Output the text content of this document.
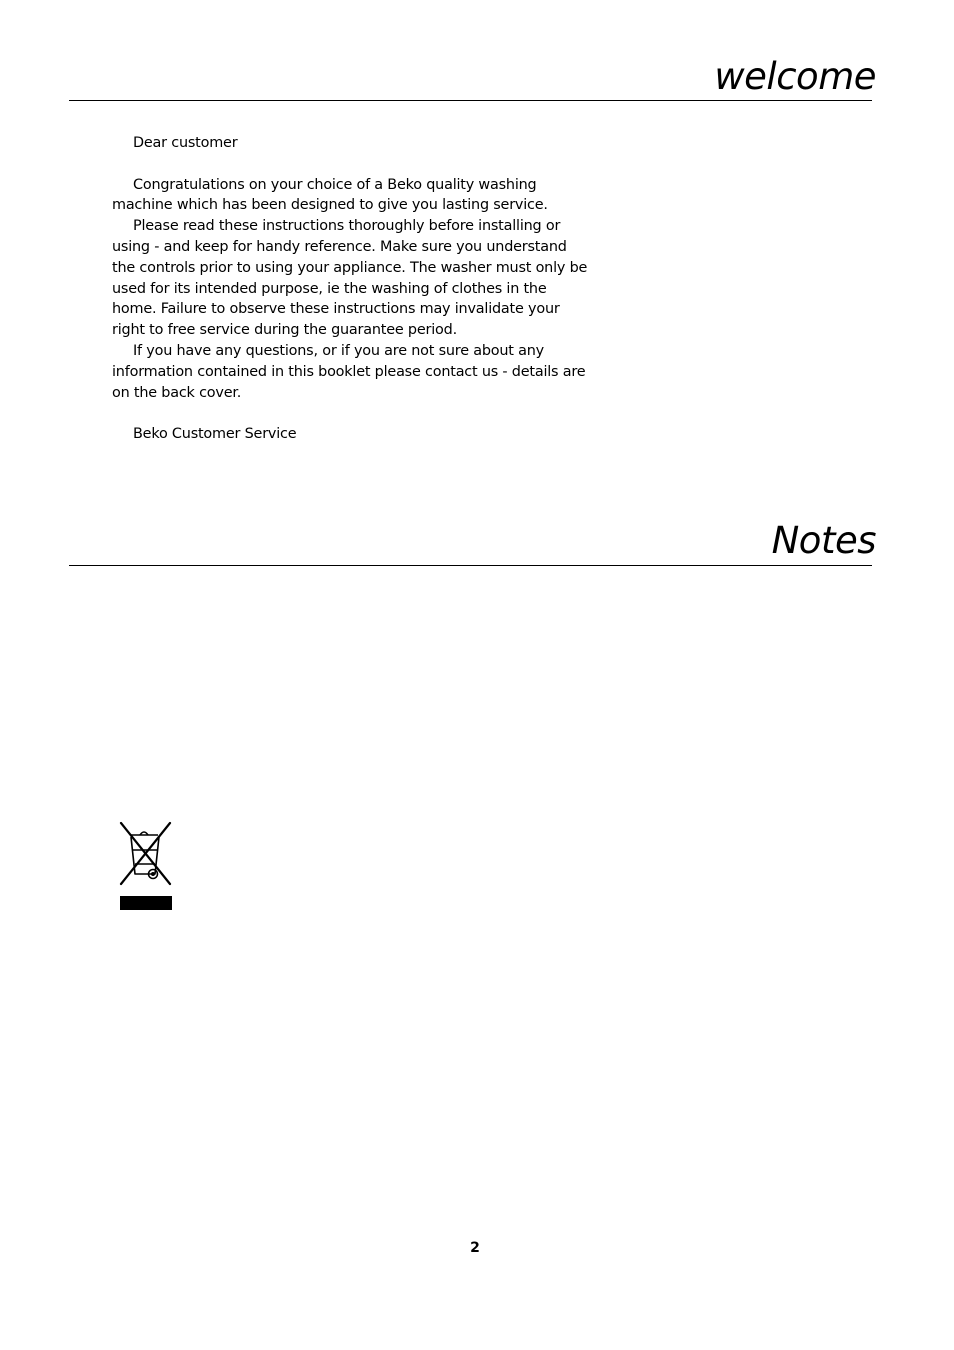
welcome

Dear customer

Congratulations on your choice of a Beko quality washing machine which has been designed to give you lasting service.

Please read these instructions thoroughly before installing or using - and keep for handy reference. Make sure you understand the controls prior to using your appliance. The washer must only be used for its intended purpose, ie the washing of clothes in the home. Failure to observe these instructions may invalidate your right to free service during the guarantee period.

If you have any questions, or if you are not sure about any information contained in this booklet please contact us - details are on the back cover.

Beko Customer Service

Notes
2
